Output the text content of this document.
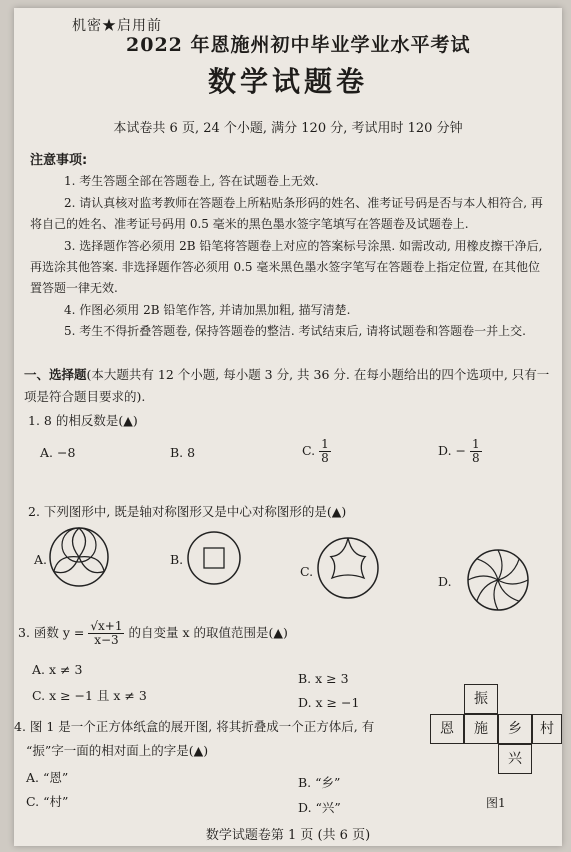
机密★启用前
2022 年恩施州初中毕业学业水平考试
数学试题卷
本试卷共 6 页, 24 个小题, 满分 120 分, 考试用时 120 分钟
注意事项:
1. 考生答题全部在答题卷上, 答在试题卷上无效.
2. 请认真核对监考教师在答题卷上所粘贴条形码的姓名、准考证号码是否与本人相符合, 再将自己的姓名、准考证号码用 0.5 毫米的黑色墨水签字笔填写在答题卷及试题卷上.
3. 选择题作答必须用 2B 铅笔将答题卷上对应的答案标号涂黑. 如需改动, 用橡皮擦干净后, 再选涂其他答案. 非选择题作答必须用 0.5 毫米黑色墨水签字笔写在答题卷上指定位置, 在其他位置答题一律无效.
4. 作图必须用 2B 铅笔作答, 并请加黑加粗, 描写清楚.
5. 考生不得折叠答题卷, 保持答题卷的整洁. 考试结束后, 请将试题卷和答题卷一并上交.
一、选择题(本大题共有 12 个小题, 每小题 3 分, 共 36 分. 在每小题给出的四个选项中, 只有一项是符合题目要求的).
1. 8 的相反数是(▲)
A. −8	B. 8	C. $\frac{1}{8}$	D. − $\frac{1}{8}$
2. 下列图形中, 既是轴对称图形又是中心对称图形的是(▲)
A.	B.
C.
D.
3. 函数 $y = \frac{√x+1}{x-3}$ 的自变量 x 的取值范围是(▲)
A. x ≠ 3
B. x ≥ 3
C. x ≥ −1 且 x ≠ 3	D. x ≥ −1
4. 图 1 是一个正方体纸盒的展开图, 将其折叠成一个正方体后, 有
“振”字一面的相对面上的字是(▲)
A. “恩”	B. “乡”
C. “村”	D. “兴”
振
恩	施	乡	村
兴
图1
数学试题卷第 1 页 (共 6 页)
